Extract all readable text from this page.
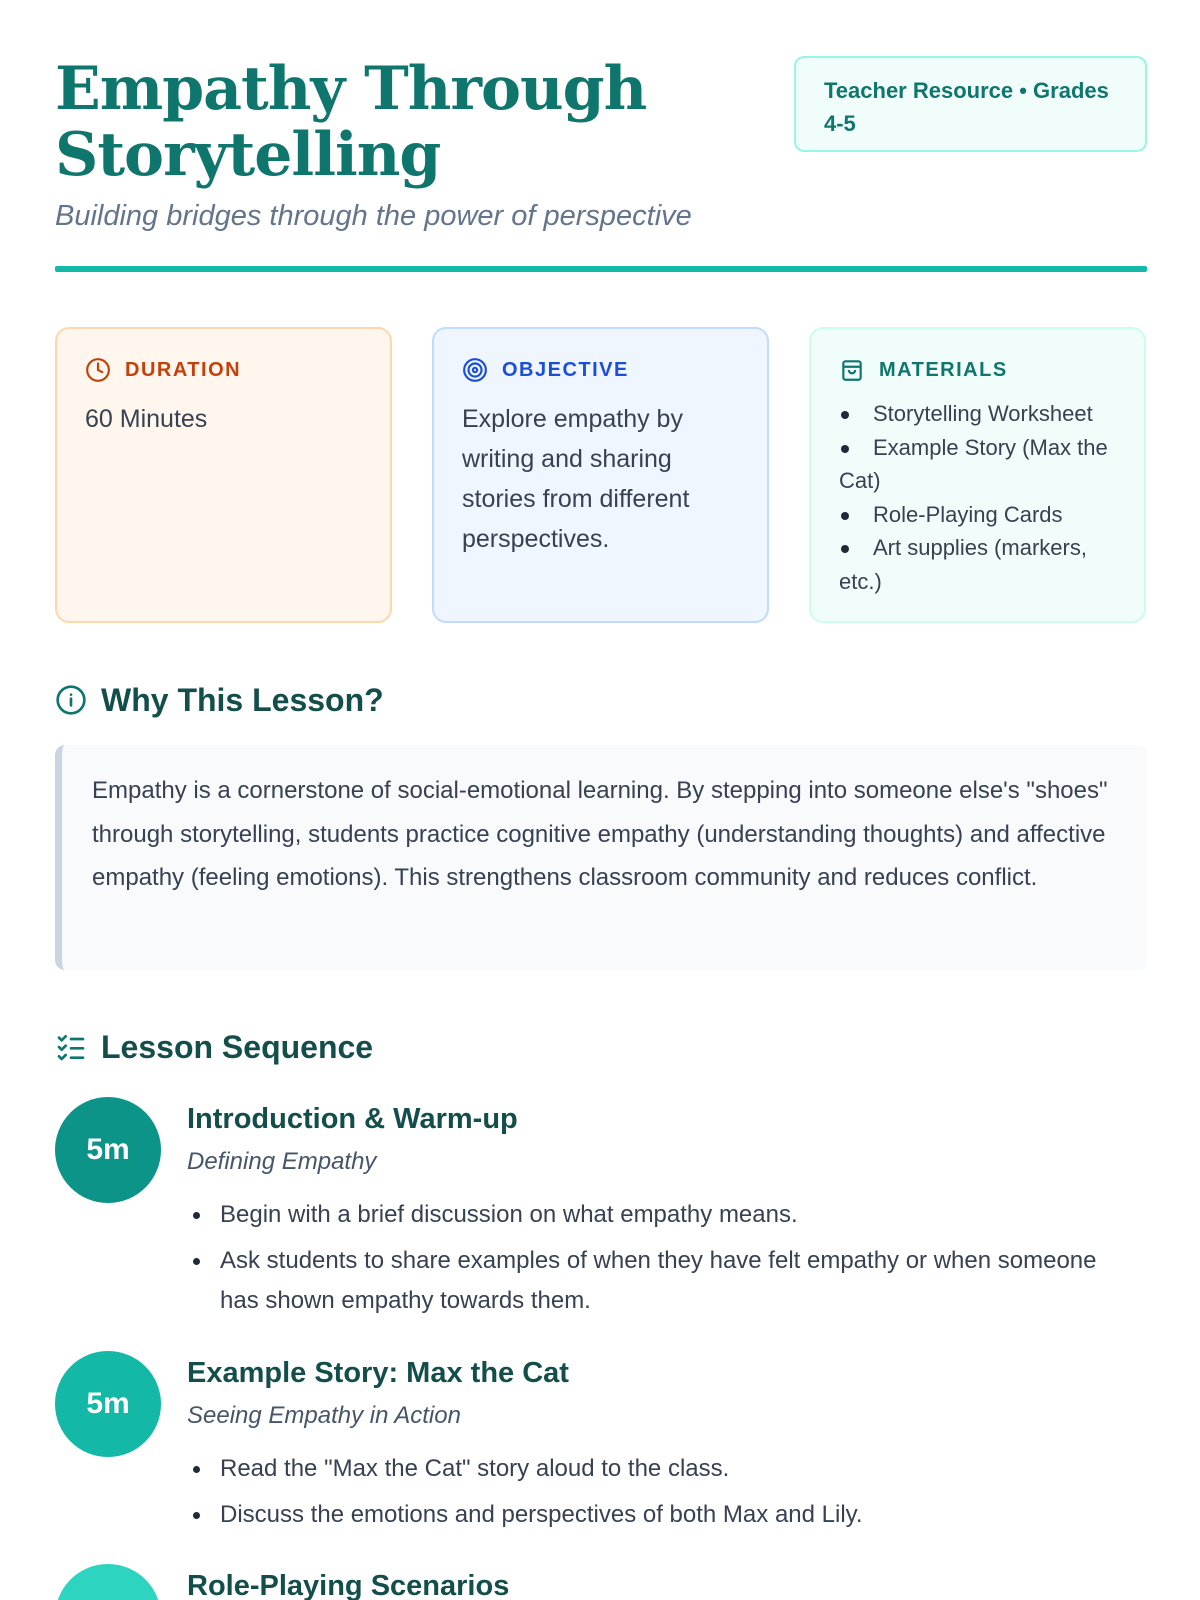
Empathy Through Storytelling
Building bridges through the power of perspective
Teacher Resource • Grades 4-5
DURATION
60 Minutes
OBJECTIVE
Explore empathy by writing and sharing stories from different perspectives.
MATERIALS
Storytelling Worksheet
Example Story (Max the Cat)
Role-Playing Cards
Art supplies (markers, etc.)
Why This Lesson?
Empathy is a cornerstone of social-emotional learning. By stepping into someone else's "shoes" through storytelling, students practice cognitive empathy (understanding thoughts) and affective empathy (feeling emotions). This strengthens classroom community and reduces conflict.
Lesson Sequence
5m
Introduction & Warm-up
Defining Empathy
Begin with a brief discussion on what empathy means.
Ask students to share examples of when they have felt empathy or when someone has shown empathy towards them.
5m
Example Story: Max the Cat
Seeing Empathy in Action
Read the "Max the Cat" story aloud to the class.
Discuss the emotions and perspectives of both Max and Lily.
Role-Playing Scenarios
